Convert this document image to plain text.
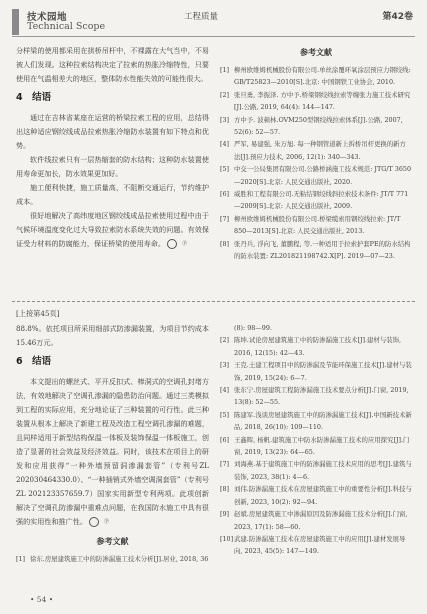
技术园地
Technical Scope
工程质量	第42卷

分样梁的使用都采用在拱桥吊杆中，不裸露在大气当中，不易被人们发现。这种拉索结构决定了拉索的热胀冷缩特性，只要使用在气温相差大的地区，整体防水性能失效的可能性很大。

4　结语

通过在吉林省某座在运营的桥梁拉索工程的应用，总结得出这种适应钢绞线成品拉索热胀冷缩防水装置有如下特点和优势。

软件线拉索只有一层热缩套的防水结构；这种防水装置使用寿命更加长，防水效果更加好。

施工便利快捷，施工质量高，不阻断交通运行，节约维护成本。

很好地解决了高纬度地区钢绞线成品拉索使用过程中由于气候环境温度变化过大导致拉索防水系统失效的问题。有效保证受力材料的防腐能力，保证桥梁的使用寿命。	Ⓟ

参考文献
[1] 柳州欧维姆机械股份有限公司.单丝涂覆环氧涂层预应力钢绞线: GB/T25823—2010[S].北京: 中国钢铁工业协会, 2010.
[2] 张旦勇, 李振泽. 方中予.桥梁钢绞线拉索等缠张力施工技术研究[J].公路, 2019, 64(4): 144—147.
[3] 方中予. 波顿林.OVM250型钢绞线拉索体系[J].公路, 2007, 52(6): 52—57.
[4] 严军, 易建强, 朱万旭. 每一种钢管道新上拆桥吊杆更换的新方法[J].预应力技术, 2006, 12(1): 340—343.
[5] 中交一公局集团有限公司.公路桥涵施工技术规范: JTG/T 3650—2020[S].北京: 人民交通出版社, 2020.
[6] 威胜和工程有限公司.无粘结钢绞线斜拉索技术条件: JT/T 771—2009[S].北京: 人民交通出版社, 2009.
[7] 柳州欧维姆机械股份有限公司.桥梁缆索用钢绞线拉索: JT/T 850—2013[S].北京: 人民交通出版社, 2013.
[8] 张丹兵, 浮向飞, 董鹏程, 等.一种适用于拉索护套PE的防水结构的防水装置: ZL201821198742.X[P]. 2019—07—23.
[上接第45页]

88.8%。依托项目所采用细部式防渗漏装置，为项目节约成本 15.46万元。

6　结语

本文提出的螺丝式、平开反扣式、棒洞式的空调孔封堵方法，有效地解决了空调孔渗漏的隐患防治问题。通过三类模拟到工程的实际应用，充分地论证了三种装置的可行性。此三种装置从根本上解决了新建工程及改造工程空调孔渗漏的难题，且同样适用于新型结构保温一体板及装饰保温一体板施工，创造了显著的社会效益及经济效益。同时，该技术在项目上的研发和应用获得“一种外墙预留洞渗漏套管”（专利号ZL 202030464330.0）、“一种插销式外墙空调洞套管”（专利号ZL 202123357659.7）国家实用新型专利两项。此项创新解决了空调孔防渗漏中重难点问题，在我国防水施工中具有很强的实用性和推广性。	Ⓟ

参考文献
[1] 徐东.房屋建筑施工中的防渗漏施工技术分析[J].居业, 2018, 36
(8): 98—99.
[2] 陈坤.试论房屋建筑施工中的防渗漏施工技术[J].建材与装饰, 2016, 12(15): 42—43.
[3] 王克.土建工程项目中的防渗漏及节能环保施工技术[J].建材与装饰, 2019, 15(24): 6—7.
[4] 张东宁.房屋建筑工程防渗漏施工技术要点分析[J].门窗, 2019, 13(8): 52—55.
[5] 陈建军.浅谈房屋建筑施工中的防渗漏施工技术[J].中国新技术新品, 2018, 26(10): 109—110.
[6] 王鑫晖, 杨帆.建筑施工中防水防渗漏施工技术的应用探究[J].门窗, 2019, 13(23): 64—65.
[7] 刘海燕.基于建筑施工中的防渗漏施工技术应用的思考[J].建筑与装饰, 2023, 38(1): 4—6.
[8] 刘伟.防渗漏施工技术在房屋建筑施工中的重要性分析[J].科技与创新, 2023, 10(2): 92—94.
[9] 赵斌.房屋建筑施工中渗漏原因及防渗漏施工技术分析[J].门窗, 2023, 17(1): 58—60.
[10] 武建.防渗漏施工技术在房屋建筑施工中的应用[J].建材发展导向, 2023, 45(5): 147—149.
• 54 •
